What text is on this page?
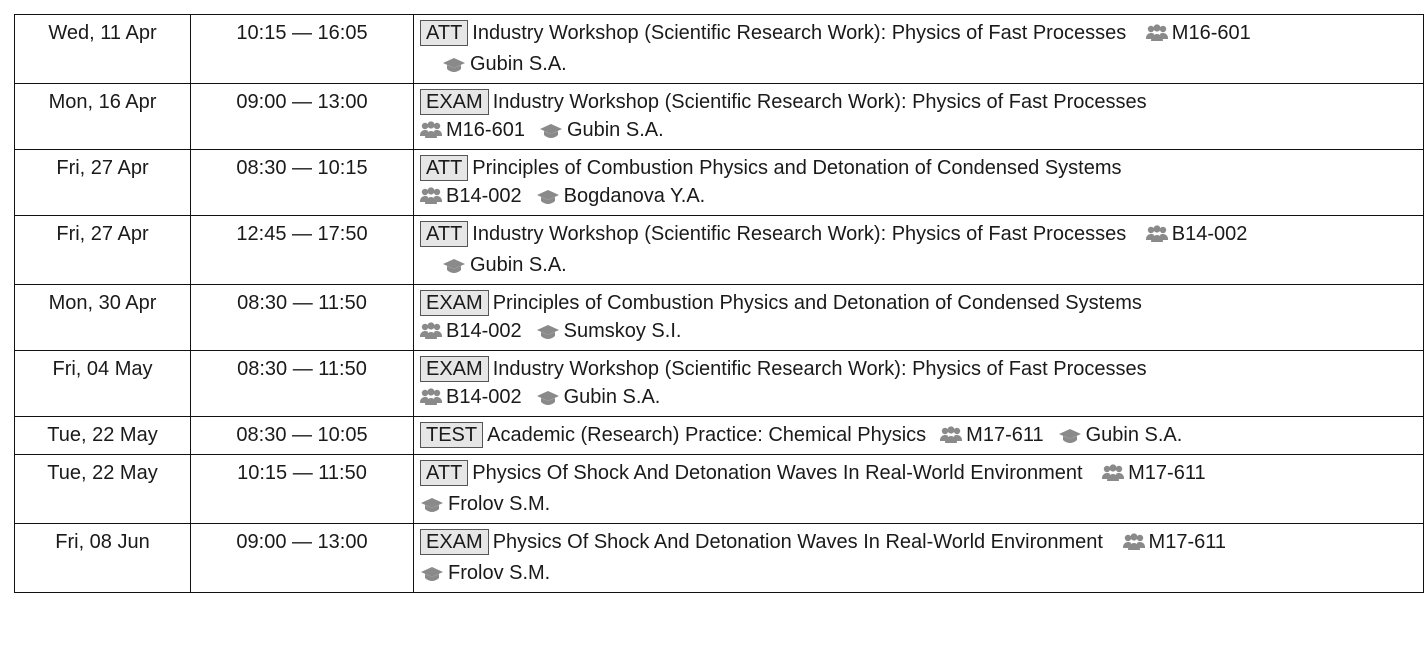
Wed, 11 Apr	10:15 — 16:05	ATT Industry Workshop (Scientific Research Work): Physics of Fast Processes M16-601
Gubin S.A.
Mon, 16 Apr	09:00 — 13:00	EXAM Industry Workshop (Scientific Research Work): Physics of Fast Processes
M16-601 Gubin S.A.
Fri, 27 Apr	08:30 — 10:15	ATT Principles of Combustion Physics and Detonation of Condensed Systems
B14-002 Bogdanova Y.A.
Fri, 27 Apr	12:45 — 17:50	ATT Industry Workshop (Scientific Research Work): Physics of Fast Processes B14-002
Gubin S.A.
Mon, 30 Apr	08:30 — 11:50	EXAM Principles of Combustion Physics and Detonation of Condensed Systems
B14-002 Sumskoy S.I.
Fri, 04 May	08:30 — 11:50	EXAM Industry Workshop (Scientific Research Work): Physics of Fast Processes
B14-002 Gubin S.A.
Tue, 22 May	08:30 — 10:05	TEST Academic (Research) Practice: Chemical Physics M17-611 Gubin S.A.
Tue, 22 May	10:15 — 11:50	ATT Physics Of Shock And Detonation Waves In Real-World Environment M17-611
Frolov S.M.
Fri, 08 Jun	09:00 — 13:00	EXAM Physics Of Shock And Detonation Waves In Real-World Environment M17-611
Frolov S.M.
